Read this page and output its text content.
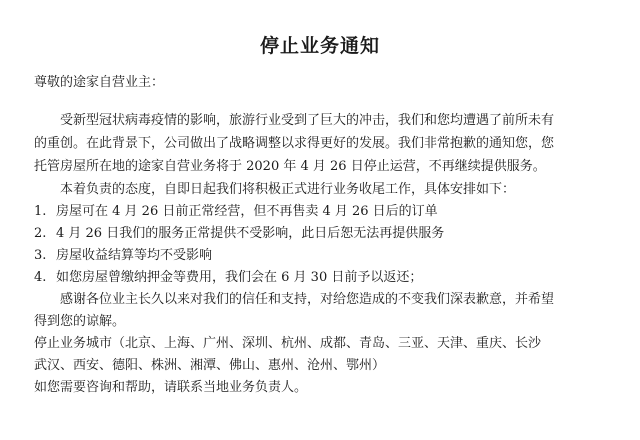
停止业务通知
尊敬的途家自营业主：
受新型冠状病毒疫情的影响，旅游行业受到了巨大的冲击，我们和您均遭遇了前所未有
的重创。在此背景下，公司做出了战略调整以求得更好的发展。我们非常抱歉的通知您，您
托管房屋所在地的途家自营业务将于 2020 年 4 月 26 日停止运营，不再继续提供服务。
本着负责的态度，自即日起我们将积极正式进行业务收尾工作，具体安排如下：
1. 房屋可在 4 月 26 日前正常经营，但不再售卖 4 月 26 日后的订单
2. 4 月 26 日我们的服务正常提供不受影响，此日后恕无法再提供服务
3. 房屋收益结算等均不受影响
4. 如您房屋曾缴纳押金等费用，我们会在 6 月 30 日前予以返还；
感谢各位业主长久以来对我们的信任和支持，对给您造成的不变我们深表歉意，并希望
得到您的谅解。
停止业务城市（北京、上海、广州、深圳、杭州、成都、青岛、三亚、天津、重庆、长沙
武汉、西安、德阳、株洲、湘潭、佛山、惠州、沧州、鄂州）
如您需要咨询和帮助，请联系当地业务负责人。
